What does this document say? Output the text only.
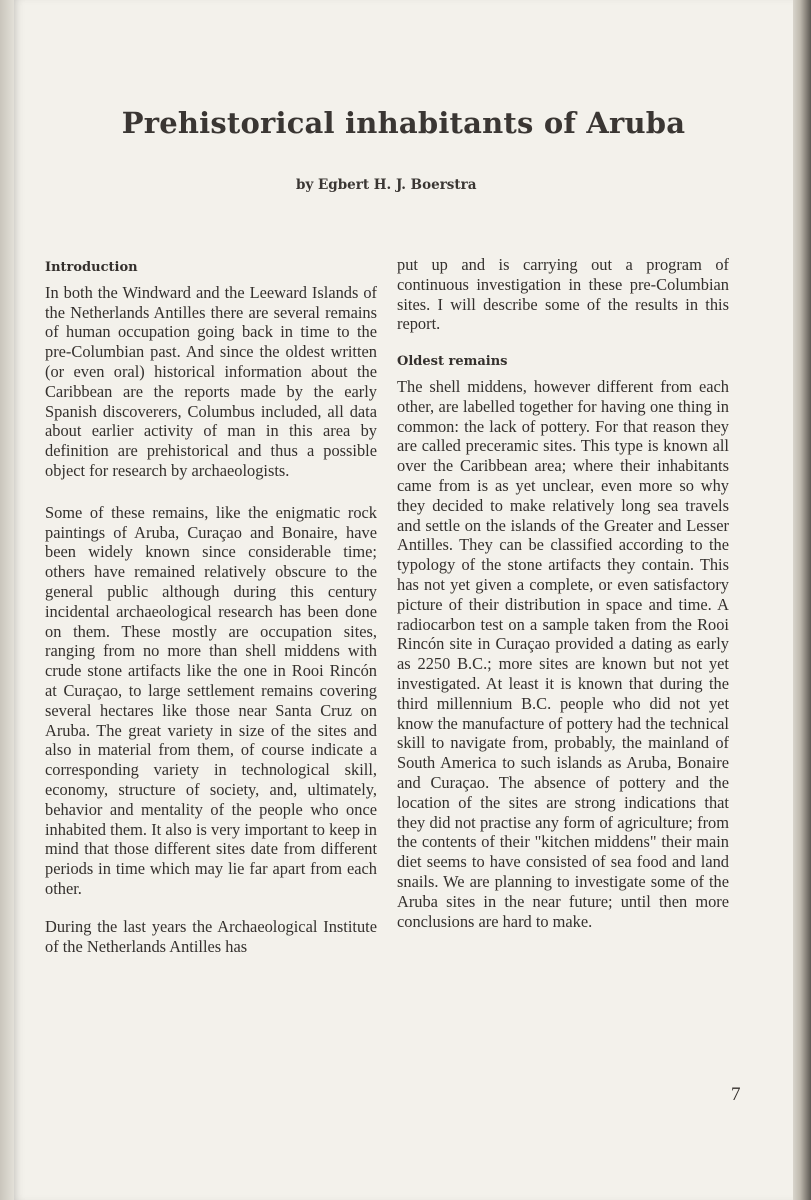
Prehistorical inhabitants of Aruba
by Egbert H. J. Boerstra
Introduction

In both the Windward and the Leeward Islands of the Netherlands Antilles there are several remains of human occupation going back in time to the pre-Columbian past. And since the oldest written (or even oral) historical information about the Caribbean are the reports made by the early Spanish discoverers, Columbus included, all data about earlier activity of man in this area by definition are prehistorical and thus a possible object for research by archaeologists.

Some of these remains, like the enigmatic rock paintings of Aruba, Curaçao and Bonaire, have been widely known since considerable time; others have remained relatively obscure to the general public although during this century incidental archaeological research has been done on them. These mostly are occupation sites, ranging from no more than shell middens with crude stone artifacts like the one in Rooi Rincón at Curaçao, to large settlement remains covering several hectares like those near Santa Cruz on Aruba. The great variety in size of the sites and also in material from them, of course indicate a corresponding variety in technological skill, economy, structure of society, and, ultimately, behavior and mentality of the people who once inhabited them. It also is very important to keep in mind that those different sites date from different periods in time which may lie far apart from each other.

During the last years the Archaeological Institute of the Netherlands Antilles has

put up and is carrying out a program of continuous investigation in these pre-Columbian sites. I will describe some of the results in this report.

Oldest remains

The shell middens, however different from each other, are labelled together for having one thing in common: the lack of pottery. For that reason they are called preceramic sites. This type is known all over the Caribbean area; where their inhabitants came from is as yet unclear, even more so why they decided to make relatively long sea travels and settle on the islands of the Greater and Lesser Antilles. They can be classified according to the typology of the stone artifacts they contain. This has not yet given a complete, or even satisfactory picture of their distribution in space and time. A radiocarbon test on a sample taken from the Rooi Rincón site in Curaçao provided a dating as early as 2250 B.C.; more sites are known but not yet investigated. At least it is known that during the third millennium B.C. people who did not yet know the manufacture of pottery had the technical skill to navigate from, probably, the mainland of South America to such islands as Aruba, Bonaire and Curaçao. The absence of pottery and the location of the sites are strong indications that they did not practise any form of agriculture; from the contents of their "kitchen middens" their main diet seems to have consisted of sea food and land snails. We are planning to investigate some of the Aruba sites in the near future; until then more conclusions are hard to make.

7
